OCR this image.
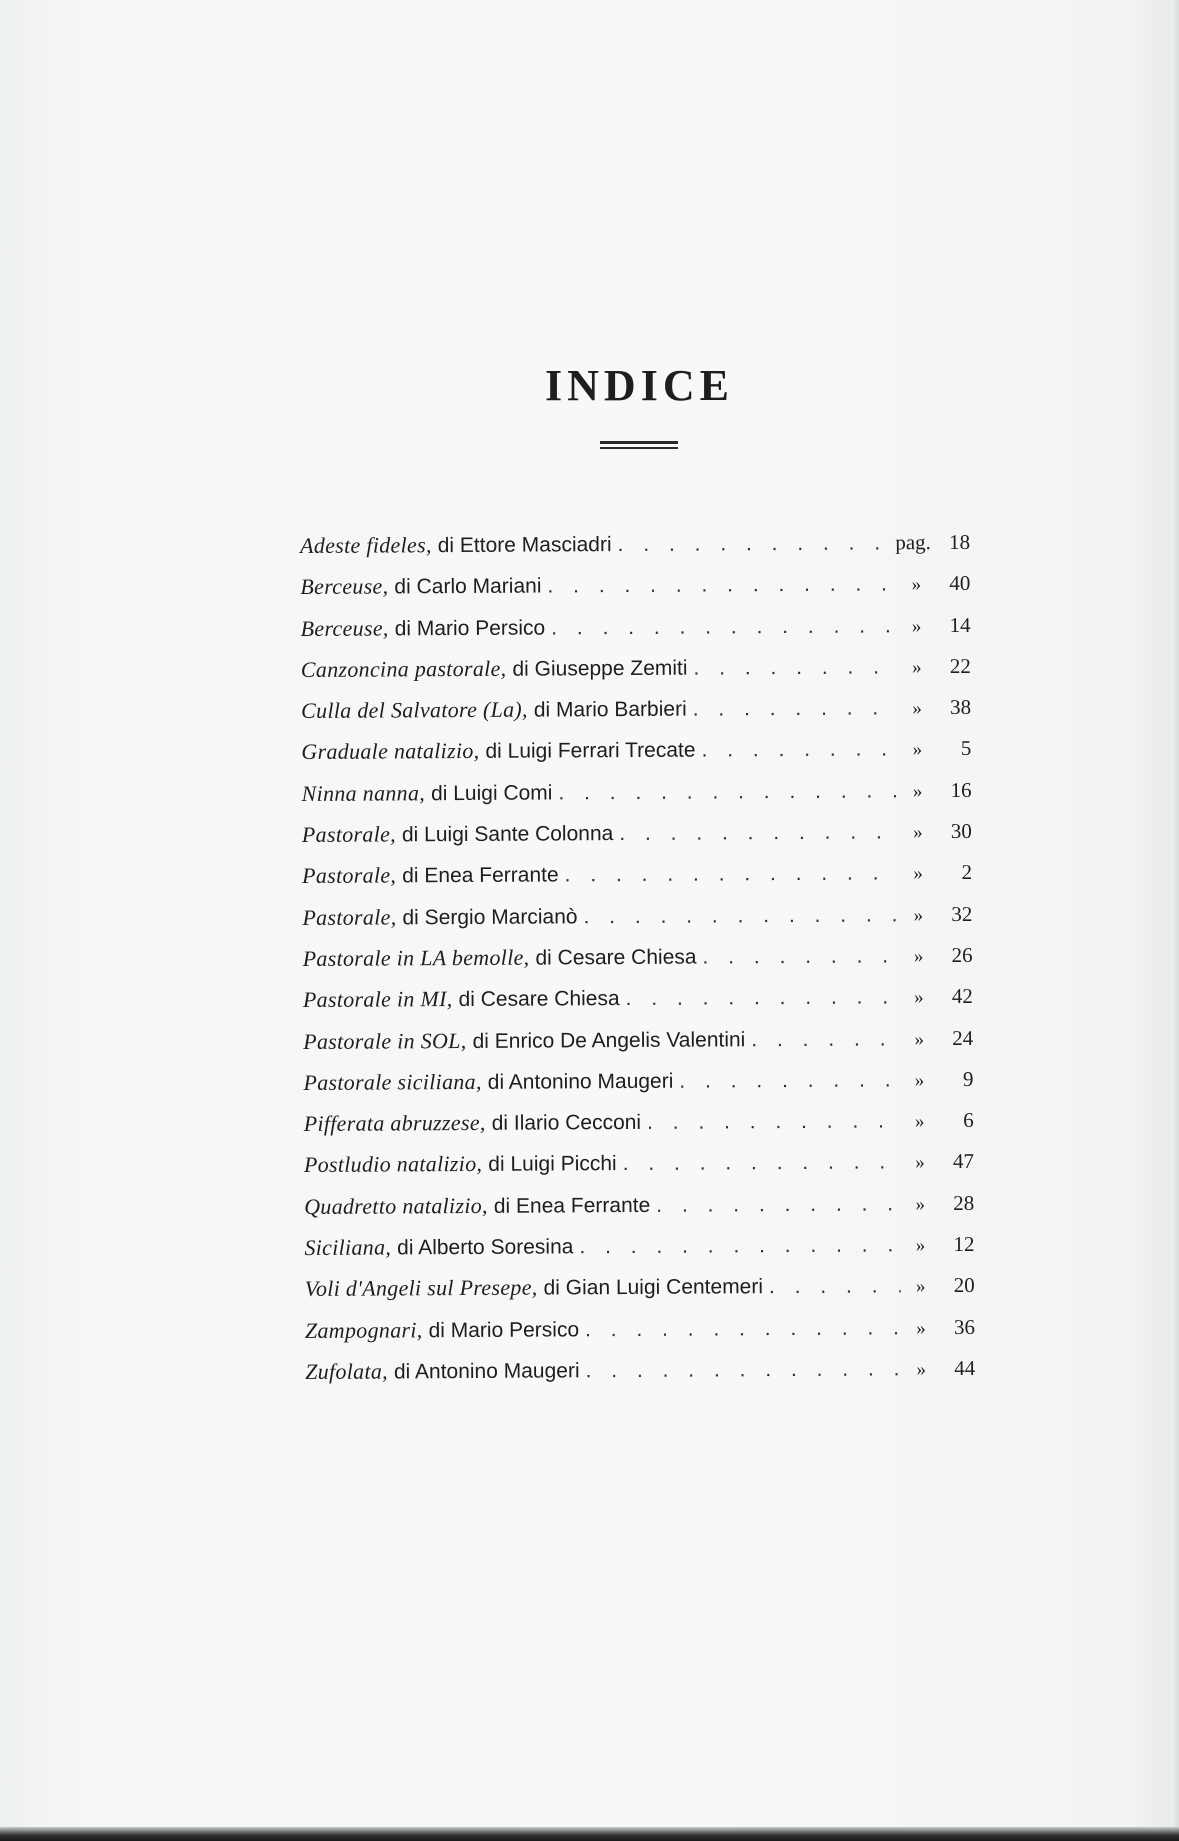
INDICE
Adeste fideles, di Ettore Masciadri . . .	pag. 18
Berceuse, di Carlo Mariani . . .	»	40
Berceuse, di Mario Persico . . .	»	14
Canzoncina pastorale, di Giuseppe Zemiti . . .	»	22
Culla del Salvatore (La), di Mario Barbieri . . .	»	38
Graduale natalizio, di Luigi Ferrari Trecate . . .	»	5
Ninna nanna, di Luigi Comi . . .	»	16
Pastorale, di Luigi Sante Colonna . . .	»	30
Pastorale, di Enea Ferrante . . .	»	2
Pastorale, di Sergio Marcianò . . .	»	32
Pastorale in LA bemolle, di Cesare Chiesa . . .	»	26
Pastorale in MI, di Cesare Chiesa . . .	»	42
Pastorale in SOL, di Enrico De Angelis Valentini . . .	»	24
Pastorale siciliana, di Antonino Maugeri . . .	»	9
Pifferata abruzzese, di Ilario Cecconi . . .	»	6
Postludio natalizio, di Luigi Picchi . . .	»	47
Quadretto natalizio, di Enea Ferrante . . .	»	28
Siciliana, di Alberto Soresina . . .	»	12
Voli d'Angeli sul Presepe, di Gian Luigi Centemeri . . .	»	20
Zampognari, di Mario Persico . . .	»	36
Zufolata, di Antonino Maugeri . . .	»	44
